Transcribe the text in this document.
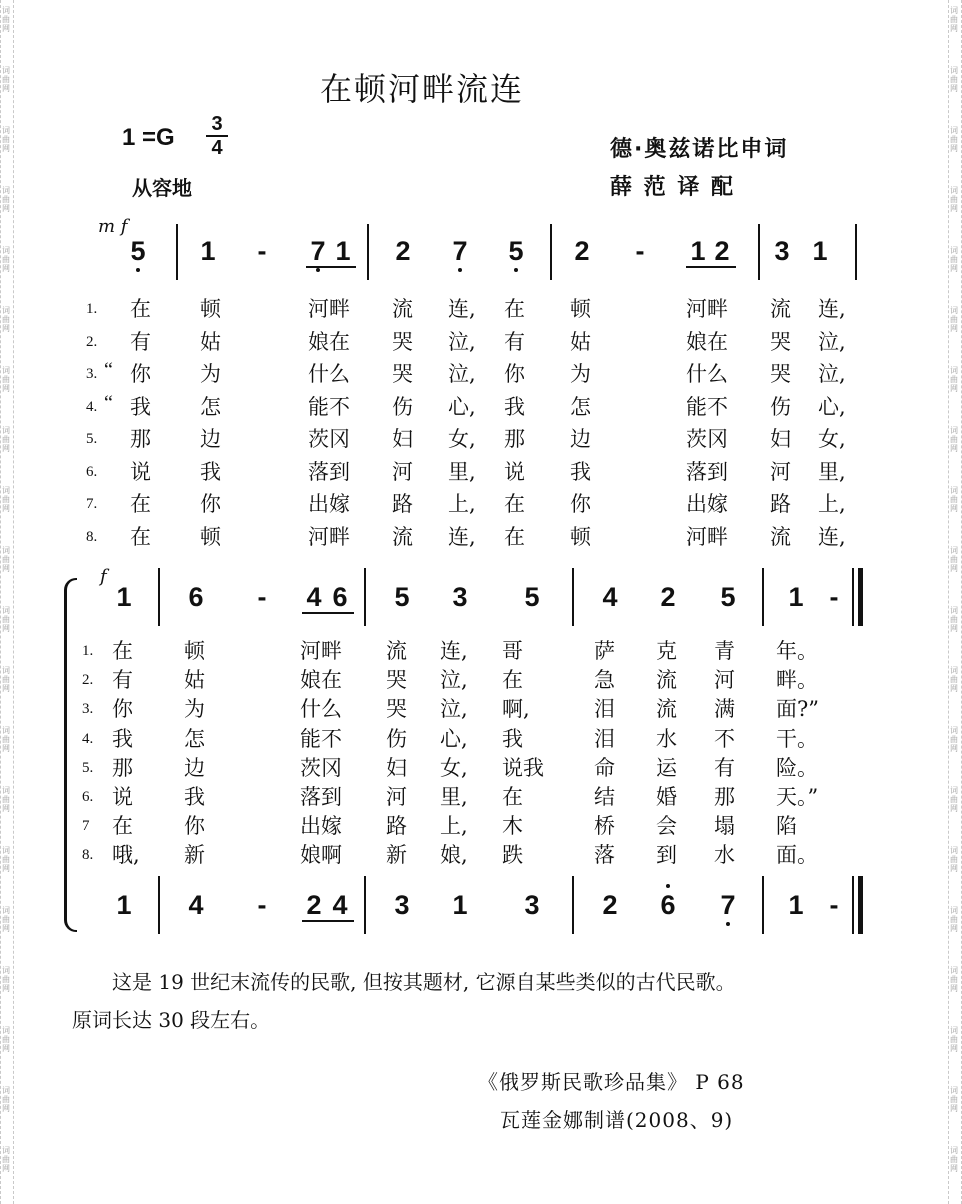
词
曲
网
词
曲
网
词
曲
网
词
曲
网
词
曲
网
词
曲
网
词
曲
网
词
曲
网
词
曲
网
词
曲
网
词
曲
网
词
曲
网
词
曲
网
词
曲
网
词
曲
网
词
曲
网
词
曲
网
词
曲
网
词
曲
网
词
曲
网
词
曲
网
词
曲
网
词
曲
网
词
曲
网
词
曲
网
词
曲
网
词
曲
网
词
曲
网
词
曲
网
词
曲
网
词
曲
网
词
曲
网
词
曲
网
词
曲
网
词
曲
网
词
曲
网
词
曲
网
词
曲
网
词
曲
网
词
曲
网
在顿河畔流连
1 =G 3
4
从容地
德·奥兹诺比申词
薛 范 译 配
m f
5 1 - 7 1 2 7 5 2 - 1 2 3 1
1. 在 顿	河畔 流 连, 在 顿	河畔 流 连,
2. 有 姑	娘在 哭 泣, 有 姑	娘在 哭 泣,
3. “ 你 为	什么 哭 泣, 你 为	什么 哭 泣,
4. “ 我 怎	能不 伤 心, 我 怎	能不 伤 心,
5. 那 边	茨冈 妇 女, 那 边	茨冈 妇 女,
6. 说 我	落到 河 里, 说 我	落到 河 里,
7. 在 你	出嫁 路 上, 在 你	出嫁 路 上,
8. 在 顿	河畔 流 连, 在 顿	河畔 流 连,
f
1 6 - 4 6 5 3 5 4 2 5 1 -
1 4 - 2 4 3 1 3 2 6 7 1 -
1. 在 顿	河畔 流 连, 哥	萨 克 青 年。
2. 有 姑	娘在 哭 泣, 在	急 流 河 畔。
3. 你 为	什么 哭 泣, 啊,	泪 流 满 面?”
4. 我 怎	能不 伤 心, 我	泪 水 不 干。
5. 那 边	茨冈 妇 女, 说我 命 运 有 险。
6. 说 我	落到 河 里, 在	结 婚 那 天。”
7 在 你	出嫁 路 上, 木	桥 会 塌 陷
8. 哦, 新	娘啊 新 娘, 跌	落 到 水 面。
这是 19 世纪末流传的民歌, 但按其题材, 它源自某些类似的古代民歌。
原词长达 30 段左右。
《俄罗斯民歌珍品集》 P 68
瓦莲金娜制谱(2008、9)
